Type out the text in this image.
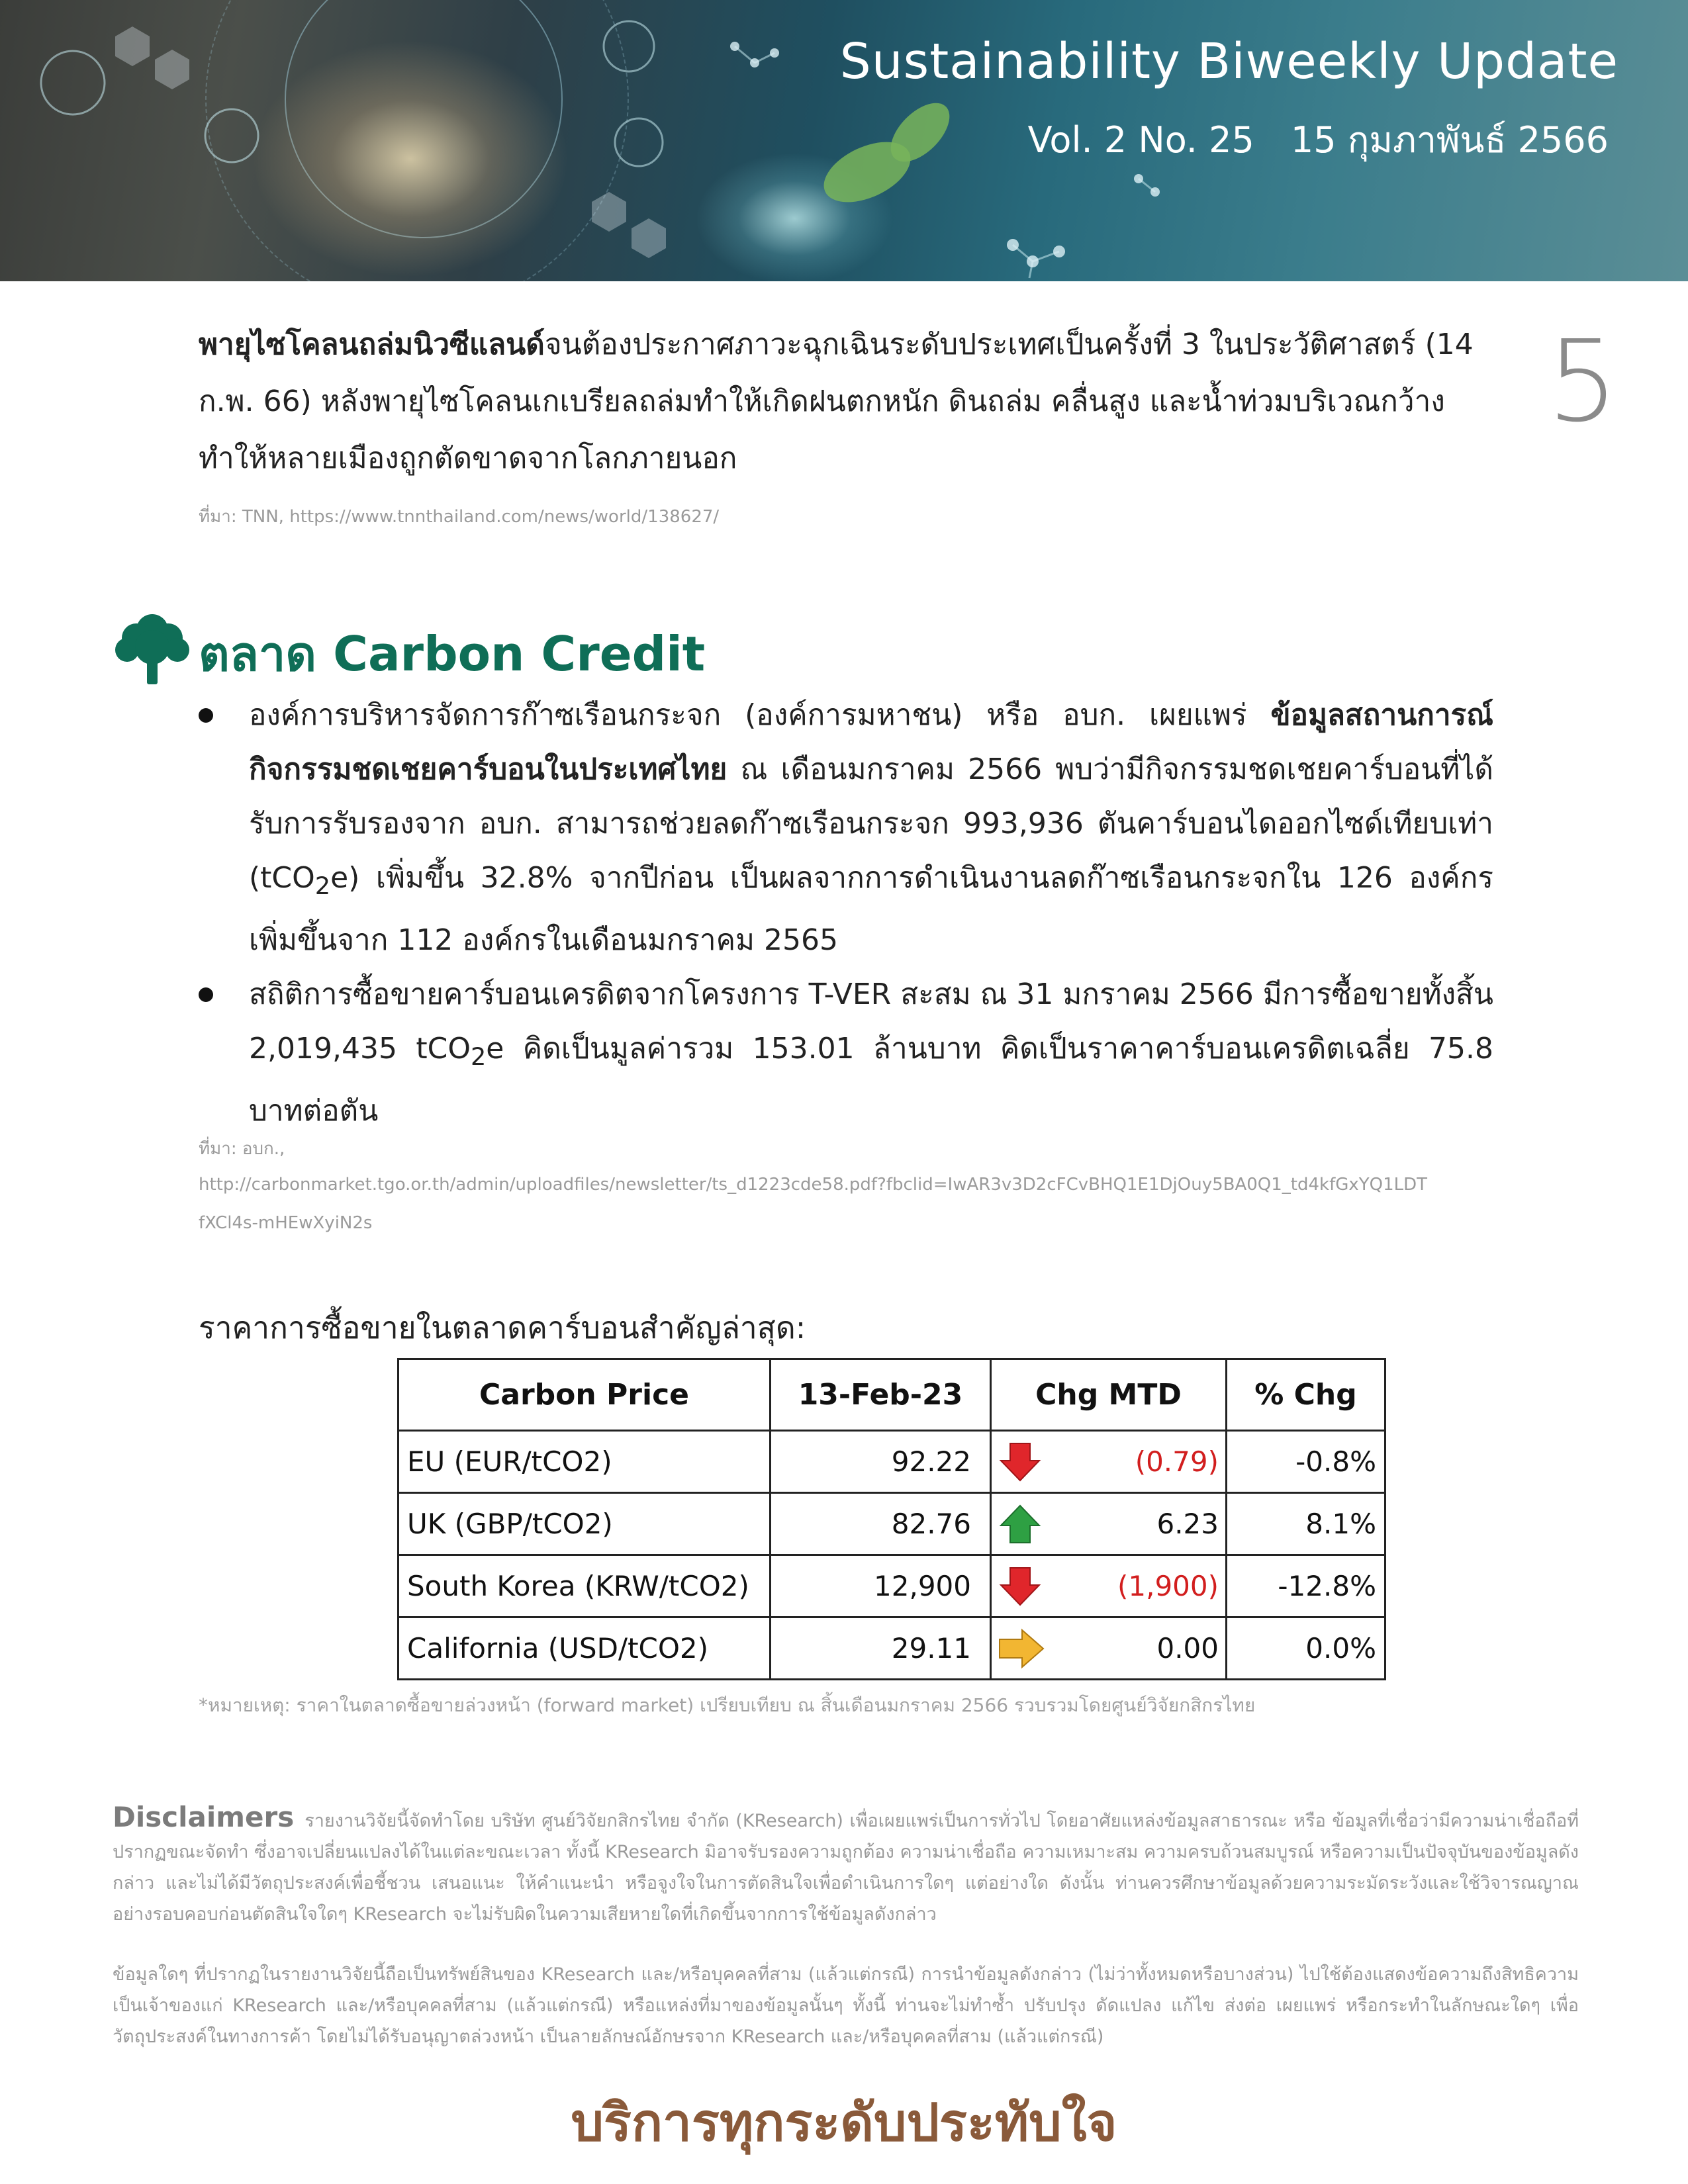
Sustainability Biweekly Update
Vol. 2 No. 25 15 กุมภาพันธ์ 2566
5
พายุไซโคลนถล่มนิวซีแลนด์จนต้องประกาศภาวะฉุกเฉินระดับประเทศเป็นครั้งที่ 3 ในประวัติศาสตร์ (14 ก.พ. 66) หลังพายุไซโคลนเกเบรียลถล่มทำให้เกิดฝนตกหนัก ดินถล่ม คลื่นสูง และน้ำท่วมบริเวณกว้าง ทำให้หลายเมืองถูกตัดขาดจากโลกภายนอก
ที่มา: TNN, https://www.tnnthailand.com/news/world/138627/
ตลาด Carbon Credit
องค์การบริหารจัดการก๊าซเรือนกระจก (องค์การมหาชน) หรือ อบก. เผยแพร่ ข้อมูลสถานการณ์กิจกรรมชดเชยคาร์บอนในประเทศไทย ณ เดือนมกราคม 2566 พบว่ามีกิจกรรมชดเชยคาร์บอนที่ได้รับการรับรองจาก อบก. สามารถช่วยลดก๊าซเรือนกระจก 993,936 ตันคาร์บอนไดออกไซด์เทียบเท่า (tCO$_2$e) เพิ่มขึ้น 32.8% จากปีก่อน เป็นผลจากการดำเนินงานลดก๊าซเรือนกระจกใน 126 องค์กร เพิ่มขึ้นจาก 112 องค์กรในเดือนมกราคม 2565
สถิติการซื้อขายคาร์บอนเครดิตจากโครงการ T-VER สะสม ณ 31 มกราคม 2566 มีการซื้อขายทั้งสิ้น 2,019,435 tCO$_2$e คิดเป็นมูลค่ารวม 153.01 ล้านบาท คิดเป็นราคาคาร์บอนเครดิตเฉลี่ย 75.8 บาทต่อตัน
ที่มา: อบก.,
http://carbonmarket.tgo.or.th/admin/uploadfiles/newsletter/ts_d1223cde58.pdf?fbclid=IwAR3v3D2cFCvBHQ1E1DjOuy5BA0Q1_td4kfGxYQ1LDT
fXCl4s-mHEwXyiN2s
ราคาการซื้อขายในตลาดคาร์บอนสำคัญล่าสุด:
Carbon Price	13-Feb-23	Chg MTD	% Chg
EU (EUR/tCO2)	92.22	(0.79)	-0.8%
UK (GBP/tCO2)	82.76	6.23	8.1%
South Korea (KRW/tCO2)	12,900	(1,900)	-12.8%
California (USD/tCO2)	29.11	0.00	0.0%
*หมายเหตุ: ราคาในตลาดซื้อขายล่วงหน้า (forward market) เปรียบเทียบ ณ สิ้นเดือนมกราคม 2566 รวบรวมโดยศูนย์วิจัยกสิกรไทย
Disclaimers รายงานวิจัยนี้จัดทำโดย บริษัท ศูนย์วิจัยกสิกรไทย จำกัด (KResearch) เพื่อเผยแพร่เป็นการทั่วไป โดยอาศัยแหล่งข้อมูลสาธารณะ หรือ ข้อมูลที่เชื่อว่ามีความน่าเชื่อถือที่ปรากฏขณะจัดทำ ซึ่งอาจเปลี่ยนแปลงได้ในแต่ละขณะเวลา ทั้งนี้ KResearch มิอาจรับรองความถูกต้อง ความน่าเชื่อถือ ความเหมาะสม ความครบถ้วนสมบูรณ์ หรือความเป็นปัจจุบันของข้อมูลดังกล่าว และไม่ได้มีวัตถุประสงค์เพื่อชี้ชวน เสนอแนะ ให้คำแนะนำ หรือจูงใจในการตัดสินใจเพื่อดำเนินการใดๆ แต่อย่างใด ดังนั้น ท่านควรศึกษาข้อมูลด้วยความระมัดระวังและใช้วิจารณญาณอย่างรอบคอบก่อนตัดสินใจใดๆ KResearch จะไม่รับผิดในความเสียหายใดที่เกิดขึ้นจากการใช้ข้อมูลดังกล่าว
ข้อมูลใดๆ ที่ปรากฏในรายงานวิจัยนี้ถือเป็นทรัพย์สินของ KResearch และ/หรือบุคคลที่สาม (แล้วแต่กรณี) การนำข้อมูลดังกล่าว (ไม่ว่าทั้งหมดหรือบางส่วน) ไปใช้ต้องแสดงข้อความถึงสิทธิความเป็นเจ้าของแก่ KResearch และ/หรือบุคคลที่สาม (แล้วแต่กรณี) หรือแหล่งที่มาของข้อมูลนั้นๆ ทั้งนี้ ท่านจะไม่ทำซ้ำ ปรับปรุง ดัดแปลง แก้ไข ส่งต่อ เผยแพร่ หรือกระทำในลักษณะใดๆ เพื่อวัตถุประสงค์ในทางการค้า โดยไม่ได้รับอนุญาตล่วงหน้า เป็นลายลักษณ์อักษรจาก KResearch และ/หรือบุคคลที่สาม (แล้วแต่กรณี)
บริการทุกระดับประทับใจ
